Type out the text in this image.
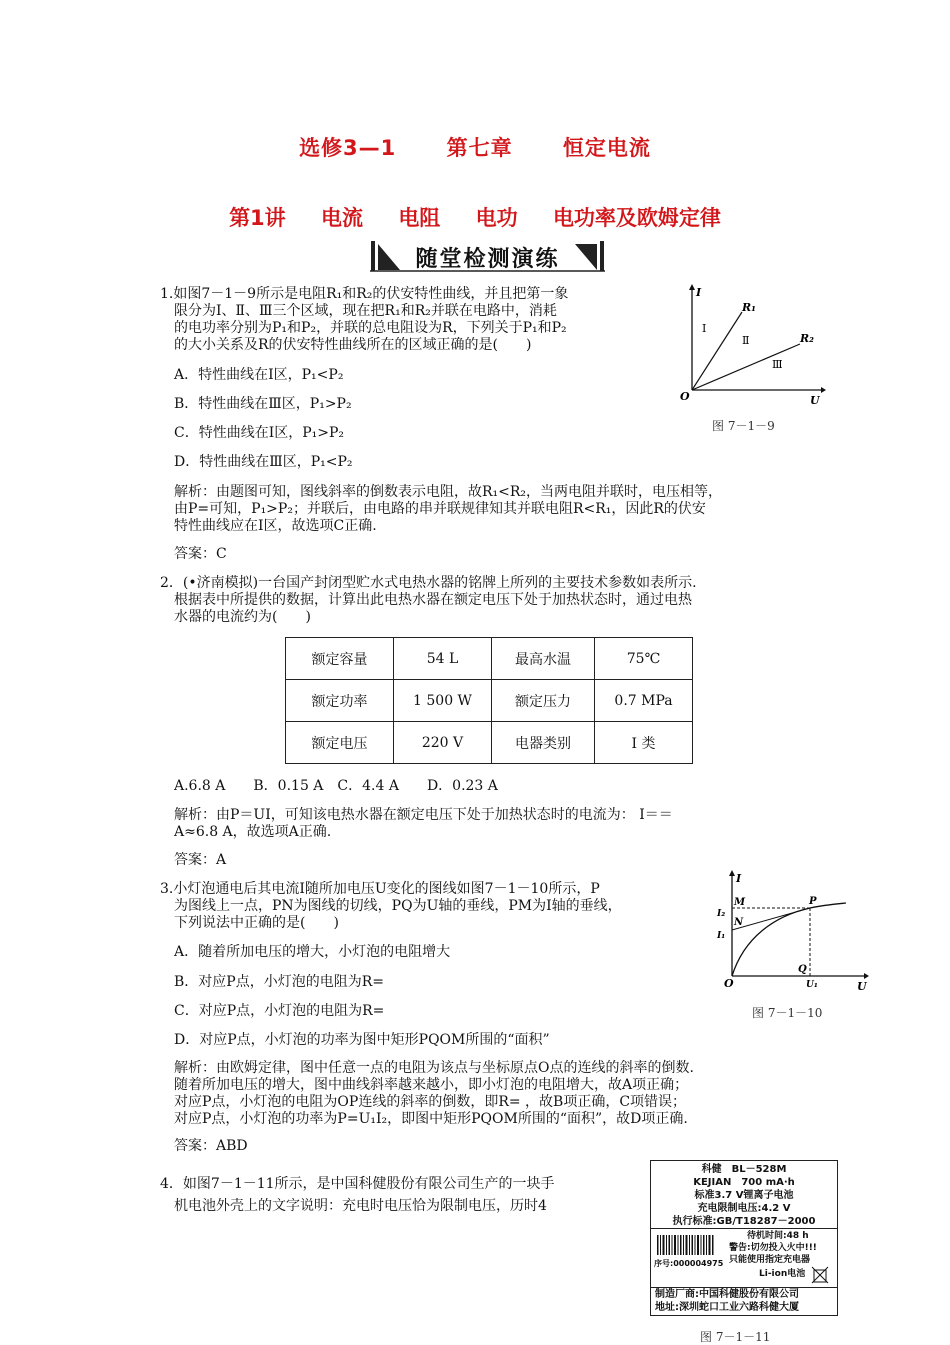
选修3—1 第七章 恒定电流
第1讲 电流 电阻 电功 电功率及欧姆定律
随堂检测演练
1.如图7－1－9所示是电阻R₁和R₂的伏安特性曲线，并且把第一象
限分为Ⅰ、Ⅱ、Ⅲ三个区域，现在把R₁和R₂并联在电路中，消耗
的电功率分别为P₁和P₂，并联的总电阻设为R，下列关于P₁和P₂
的大小关系及R的伏安特性曲线所在的区域正确的是(　　)
A．特性曲线在Ⅰ区，P₁<P₂
B．特性曲线在Ⅲ区，P₁>P₂
C．特性曲线在Ⅰ区，P₁>P₂
D．特性曲线在Ⅲ区，P₁<P₂
I
U
O
R₁
R₂
Ⅰ
Ⅱ
Ⅲ
图 7－1－9
解析：由题图可知，图线斜率的倒数表示电阻，故R₁<R₂，当两电阻并联时，电压相等，
由P=可知，P₁>P₂；并联后，由电路的串并联规律知其并联电阻R<R₁，因此R的伏安
特性曲线应在Ⅰ区，故选项C正确.
答案：C
2．(•济南模拟)一台国产封闭型贮水式电热水器的铭牌上所列的主要技术参数如表所示.
根据表中所提供的数据，计算出此电热水器在额定电压下处于加热状态时，通过电热
水器的电流约为(　　)
额定容量	54 L	最高水温	75℃
额定功率	1 500 W	额定压力	0.7 MPa
额定电压	220 V	电器类别	Ⅰ 类
A.6.8 A　　B．0.15 A　C．4.4 A　　D．0.23 A
解析：由P＝UI，可知该电热水器在额定电压下处于加热状态时的电流为： I＝＝
A≈6.8 A，故选项A正确.
答案：A
3.小灯泡通电后其电流I随所加电压U变化的图线如图7－1－10所示，P
为图线上一点，PN为图线的切线，PQ为U轴的垂线，PM为I轴的垂线，
下列说法中正确的是(　　)
A．随着所加电压的增大，小灯泡的电阻增大
B．对应P点，小灯泡的电阻为R=
C．对应P点，小灯泡的电阻为R=
D．对应P点，小灯泡的功率为图中矩形PQOM所围的“面积”
I
U
O
M	P
N
Q
I₂
I₁
U₁
图 7－1－10
解析：由欧姆定律，图中任意一点的电阻为该点与坐标原点O点的连线的斜率的倒数.
随着所加电压的增大，图中曲线斜率越来越小，即小灯泡的电阻增大，故A项正确；
对应P点，小灯泡的电阻为OP连线的斜率的倒数，即R= ，故B项正确，C项错误；
对应P点，小灯泡的功率为P=U₁I₂，即图中矩形PQOM所围的“面积”，故D项正确.
答案：ABD
4．如图7－1－11所示，是中国科健股份有限公司生产的一块手
机电池外壳上的文字说明：充电时电压恰为限制电压，历时4
科健　BL－528M
KEJIAN　700 mA·h
标准3.7 V锂离子电池
充电限制电压:4.2 V
执行标准:GB/T18287－2000
待机时间:48 h
警告:切勿投入火中!!!
序号:000004975 只能使用指定充电器
Li-ion电池
制造厂商:中国科健股份有限公司
地址:深圳蛇口工业六路科健大厦
图 7－1－11
